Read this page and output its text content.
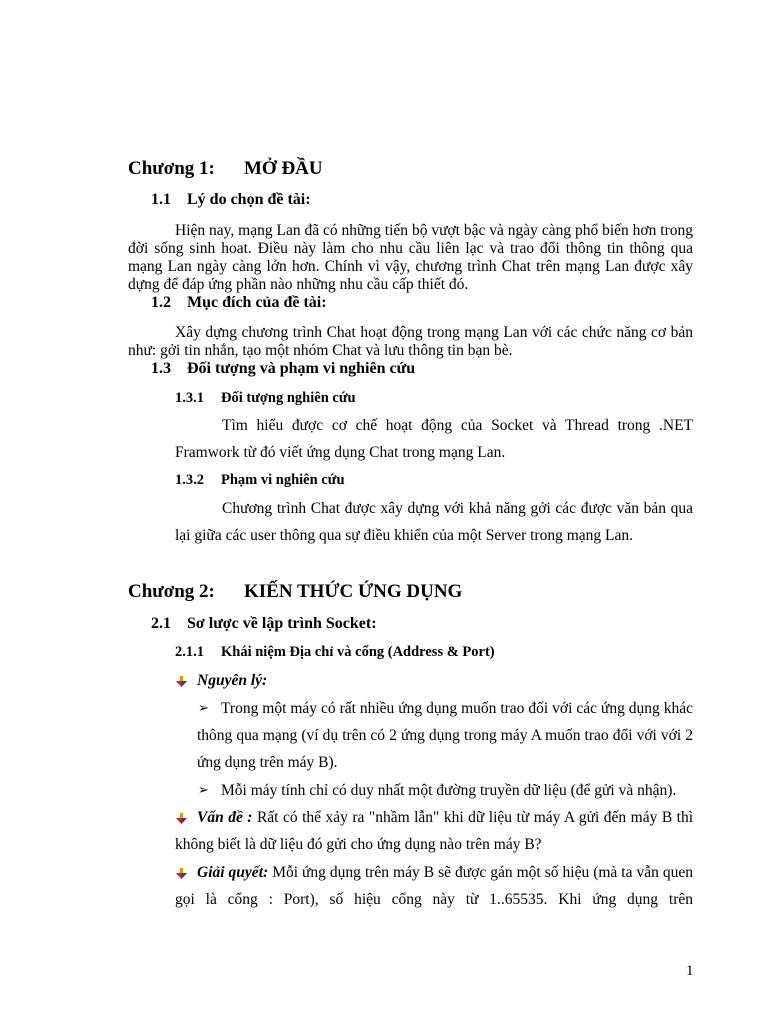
Chương 1: MỞ ĐẦU
1.1 Lý do chọn đề tài:

Hiện nay, mạng Lan đã có những tiến bộ vượt bậc và ngày càng phổ biến hơn trong đời sống sinh hoat. Điều này làm cho nhu cầu liên lạc và trao đổi thông tin thông qua mạng Lan ngày càng lớn hơn. Chính vì vậy, chương trình Chat trên mạng Lan được xây dựng để đáp ứng phần nào những nhu cầu cấp thiết đó.

1.2 Mục đích của đề tài:

Xây dựng chương trình Chat hoạt động trong mạng Lan với các chức năng cơ bản như: gởi tin nhắn, tạo một nhóm Chat và lưu thông tin bạn bè.

1.3 Đối tượng và phạm vi nghiên cứu
1.3.1 Đối tượng nghiên cứu

Tìm hiểu được cơ chế hoạt động của Socket và Thread trong .NET Framwork từ đó viết ứng dụng Chat trong mạng Lan.

1.3.2 Phạm vi nghiên cứu

Chương trình Chat được xây dựng với khả năng gởi các được văn bản qua lại giữa các user thông qua sự điều khiển của một Server trong mạng Lan.

Chương 2: KIẾN THỨC ỨNG DỤNG
2.1 Sơ lược về lập trình Socket:
2.1.1 Khái niệm Địa chỉ và cổng (Address & Port)
Nguyên lý:
➢ Trong một máy có rất nhiều ứng dụng muốn trao đối với các ứng dụng khác thông qua mạng (ví dụ trên có 2 ứng dụng trong máy A muốn trao đổi với với 2 ứng dụng trên máy B).

➢ Mỗi máy tính chỉ có duy nhất một đường truyền dữ liệu (để gửi và nhận).

Vấn đề : Rất có thể xảy ra "nhầm lẫn" khi dữ liệu từ máy A gửi đến máy B thì không biết là dữ liệu đó gửi cho ứng dụng nào trên máy B?

Giải quyết: Mỗi ứng dụng trên máy B sẽ được gán một số hiệu (mà ta vẫn quen gọi là cổng : Port), số hiệu cổng này từ 1..65535. Khi ứng dụng trên

1
